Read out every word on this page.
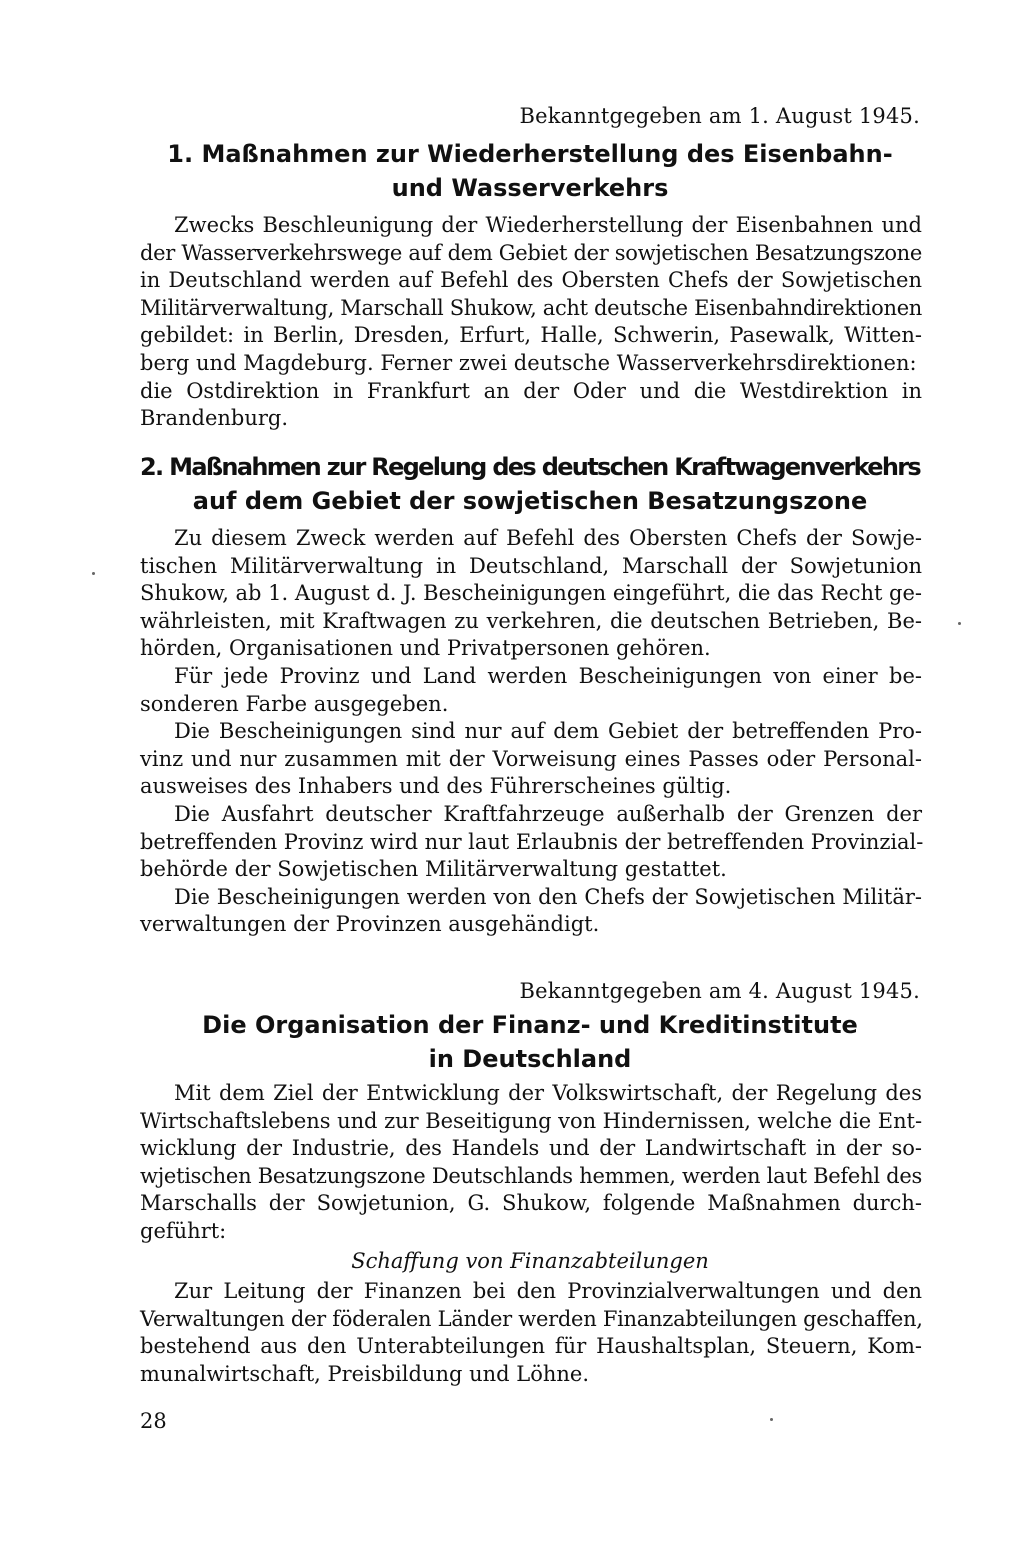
Bekanntgegeben am 1. August 1945.
1. Maßnahmen zur Wiederherstellung des Eisenbahn-
und Wasserverkehrs
Zwecks Beschleunigung der Wiederherstellung der Eisenbahnen und
der Wasserverkehrswege auf dem Gebiet der sowjetischen Besatzungszone
in Deutschland werden auf Befehl des Obersten Chefs der Sowjetischen
Militärverwaltung, Marschall Shukow, acht deutsche Eisenbahndirektionen
gebildet: in Berlin, Dresden, Erfurt, Halle, Schwerin, Pasewalk, Witten-
berg und Magdeburg. Ferner zwei deutsche Wasserverkehrsdirektionen:
die Ostdirektion in Frankfurt an der Oder und die Westdirektion in
Brandenburg.
2. Maßnahmen zur Regelung des deutschen Kraftwagenverkehrs
auf dem Gebiet der sowjetischen Besatzungszone
Zu diesem Zweck werden auf Befehl des Obersten Chefs der Sowje-
tischen Militärverwaltung in Deutschland, Marschall der Sowjetunion
Shukow, ab 1. August d. J. Bescheinigungen eingeführt, die das Recht ge-
währleisten, mit Kraftwagen zu verkehren, die deutschen Betrieben, Be-
hörden, Organisationen und Privatpersonen gehören.
Für jede Provinz und Land werden Bescheinigungen von einer be-
sonderen Farbe ausgegeben.
Die Bescheinigungen sind nur auf dem Gebiet der betreffenden Pro-
vinz und nur zusammen mit der Vorweisung eines Passes oder Personal-
ausweises des Inhabers und des Führerscheines gültig.
Die Ausfahrt deutscher Kraftfahrzeuge außerhalb der Grenzen der
betreffenden Provinz wird nur laut Erlaubnis der betreffenden Provinzial-
behörde der Sowjetischen Militärverwaltung gestattet.
Die Bescheinigungen werden von den Chefs der Sowjetischen Militär-
verwaltungen der Provinzen ausgehändigt.
Bekanntgegeben am 4. August 1945.
Die Organisation der Finanz- und Kreditinstitute
in Deutschland
Mit dem Ziel der Entwicklung der Volkswirtschaft, der Regelung des
Wirtschaftslebens und zur Beseitigung von Hindernissen, welche die Ent-
wicklung der Industrie, des Handels und der Landwirtschaft in der so-
wjetischen Besatzungszone Deutschlands hemmen, werden laut Befehl des
Marschalls der Sowjetunion, G. Shukow, folgende Maßnahmen durch-
geführt:
Schaffung von Finanzabteilungen
Zur Leitung der Finanzen bei den Provinzialverwaltungen und den
Verwaltungen der föderalen Länder werden Finanzabteilungen geschaffen,
bestehend aus den Unterabteilungen für Haushaltsplan, Steuern, Kom-
munalwirtschaft, Preisbildung und Löhne.
28
